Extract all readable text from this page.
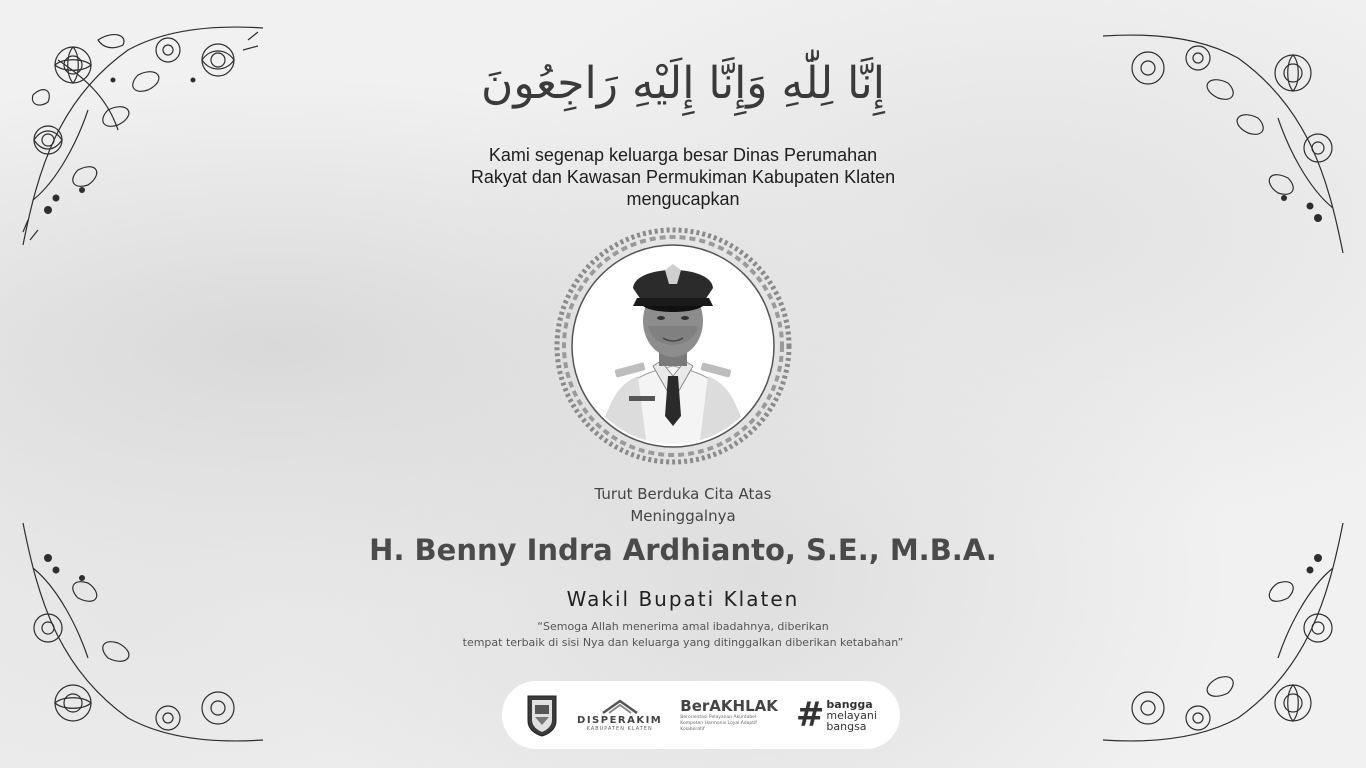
إِنَّا لِلّٰهِ وَإِنَّا إِلَيْهِ رَاجِعُونَ
Kami segenap keluarga besar Dinas Perumahan
Rakyat dan Kawasan Permukiman Kabupaten Klaten
mengucapkan
Turut Berduka Cita Atas
Meninggalnya
H. Benny Indra Ardhianto, S.E., M.B.A.
Wakil Bupati Klaten
“Semoga Allah menerima amal ibadahnya, diberikan
tempat terbaik di sisi Nya dan keluarga yang ditinggalkan diberikan ketabahan”
DISPERAKIM
KABUPATEN KLATEN
BerAKHLAK
Berorientasi Pelayanan Akuntabel Kompeten Harmonis Loyal Adaptif Kolaboratif	# bangga
melayani
bangsa
